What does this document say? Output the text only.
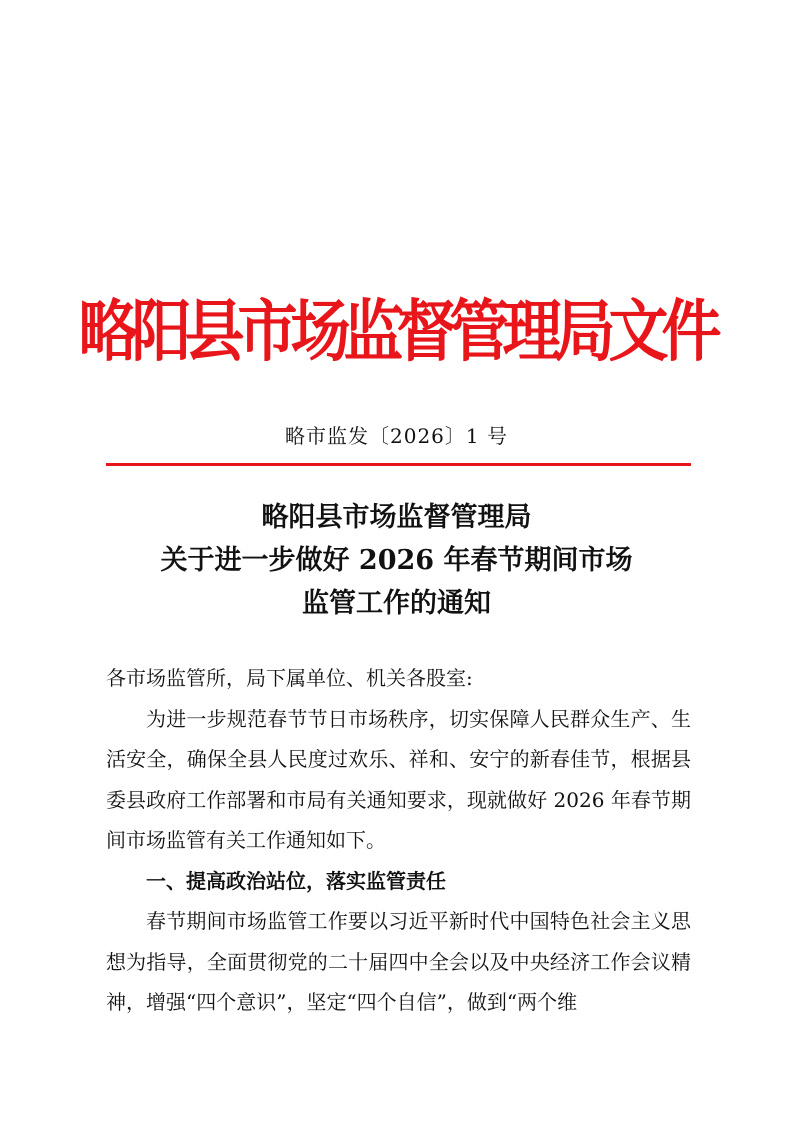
略阳县市场监督管理局文件
略市监发〔2026〕1 号
略阳县市场监督管理局
关于进一步做好 2026 年春节期间市场
监管工作的通知

各市场监管所，局下属单位、机关各股室:

为进一步规范春节节日市场秩序，切实保障人民群众生产、生活安全，确保全县人民度过欢乐、祥和、安宁的新春佳节，根据县委县政府工作部署和市局有关通知要求，现就做好 2026 年春节期间市场监管有关工作通知如下。

一、提高政治站位，落实监管责任

春节期间市场监管工作要以习近平新时代中国特色社会主义思想为指导，全面贯彻党的二十届四中全会以及中央经济工作会议精神，增强“四个意识”，坚定“四个自信”，做到“两个维
